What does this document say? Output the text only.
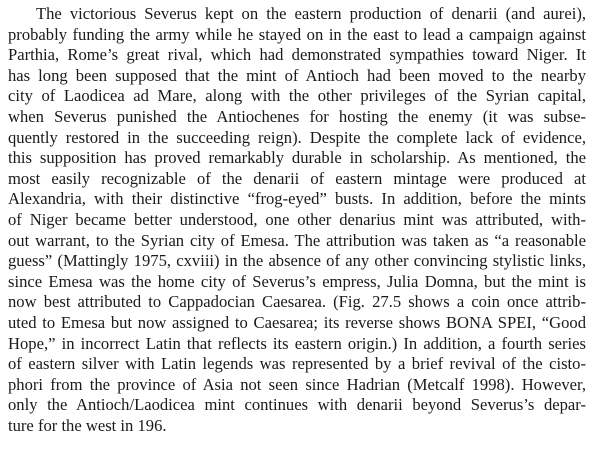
The victorious Severus kept on the eastern production of denarii (and aurei),
probably funding the army while he stayed on in the east to lead a campaign against
Parthia, Rome’s great rival, which had demonstrated sympathies toward Niger. It
has long been supposed that the mint of Antioch had been moved to the nearby
city of Laodicea ad Mare, along with the other privileges of the Syrian capital,
when Severus punished the Antiochenes for hosting the enemy (it was subse-
quently restored in the succeeding reign). Despite the complete lack of evidence,
this supposition has proved remarkably durable in scholarship. As mentioned, the
most easily recognizable of the denarii of eastern mintage were produced at
Alexandria, with their distinctive “frog-eyed” busts. In addition, before the mints
of Niger became better understood, one other denarius mint was attributed, with-
out warrant, to the Syrian city of Emesa. The attribution was taken as “a reasonable
guess” (Mattingly 1975, cxviii) in the absence of any other convincing stylistic links,
since Emesa was the home city of Severus’s empress, Julia Domna, but the mint is
now best attributed to Cappadocian Caesarea. (Fig. 27.5 shows a coin once attrib-
uted to Emesa but now assigned to Caesarea; its reverse shows BONA SPEI, “Good
Hope,” in incorrect Latin that reflects its eastern origin.) In addition, a fourth series
of eastern silver with Latin legends was represented by a brief revival of the cisto-
phori from the province of Asia not seen since Hadrian (Metcalf 1998). However,
only the Antioch/Laodicea mint continues with denarii beyond Severus’s depar-
ture for the west in 196.
